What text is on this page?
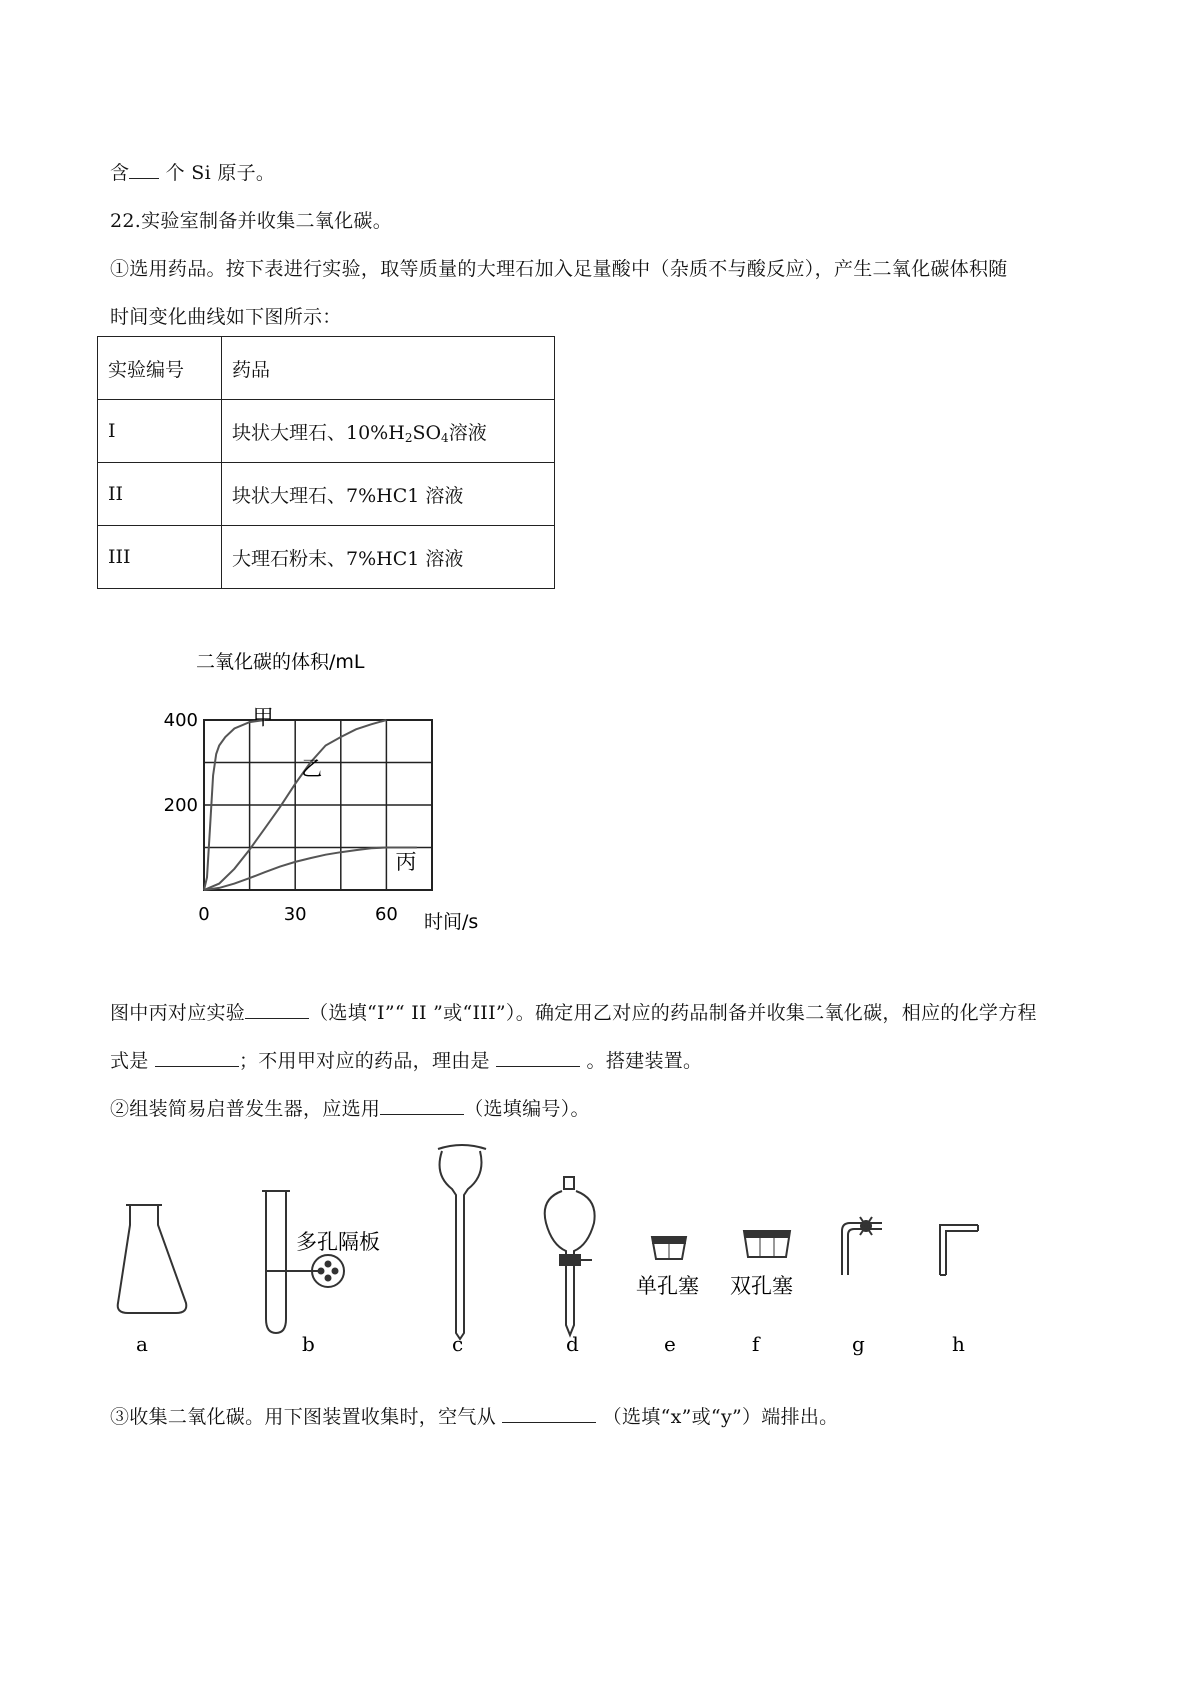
含 个 Si 原子。
22.实验室制备并收集二氧化碳。
①选用药品。按下表进行实验，取等质量的大理石加入足量酸中（杂质不与酸反应），产生二氧化碳体积随
时间变化曲线如下图所示：
实验编号	药品
I	块状大理石、$10\%H_2SO_4$溶液
II	块状大理石、7%HC1 溶液
III	大理石粉末、7%HC1 溶液
二氧化碳的体积/mL
0	30	60
200
400	甲
乙
丙
时间/s
图中丙对应实验	（选填“I”“ II ”或“III”）。确定用乙对应的药品制备并收集二氧化碳，相应的化学方程
式是	；不用甲对应的药品，理由是	。搭建装置。
②组装简易启普发生器，应选用	（选填编号）。
a
多孔隔板
b	c	d
单孔塞
e
双孔塞
f	g	h
③收集二氧化碳。用下图装置收集时，空气从	（选填“x”或“y”）端排出。
